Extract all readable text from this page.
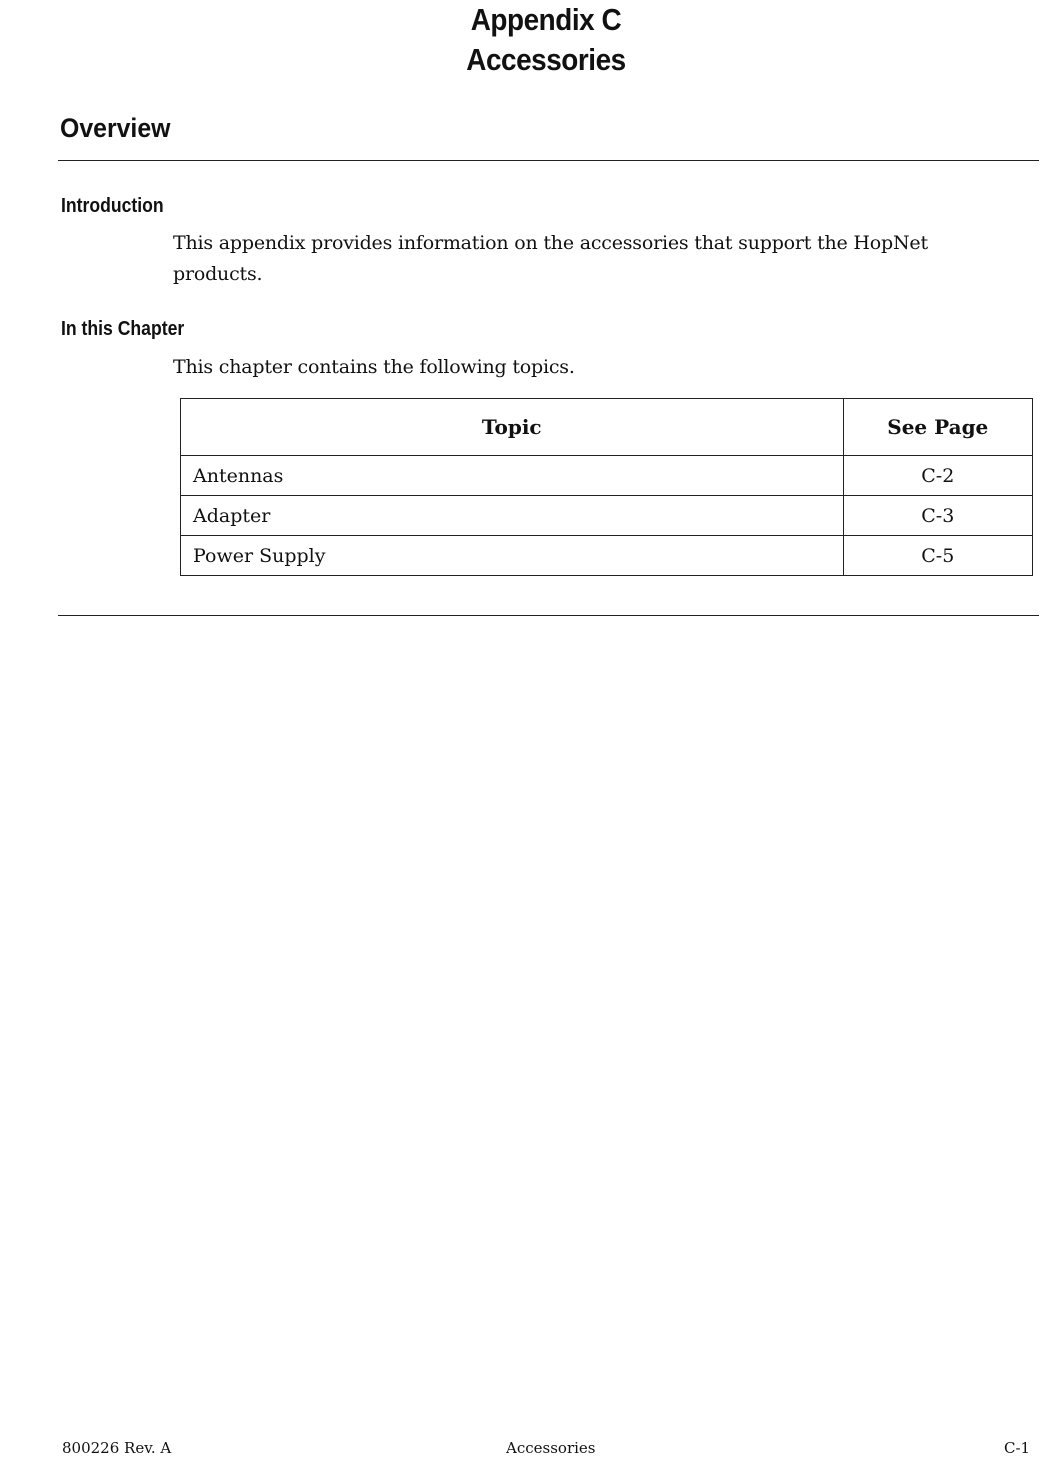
Appendix C
Accessories
Overview
Introduction
This appendix provides information on the accessories that support the HopNet products.
In this Chapter
This chapter contains the following topics.
Topic	See Page
Antennas	C-2
Adapter	C-3
Power Supply	C-5
800226 Rev. A	Accessories	C-1
